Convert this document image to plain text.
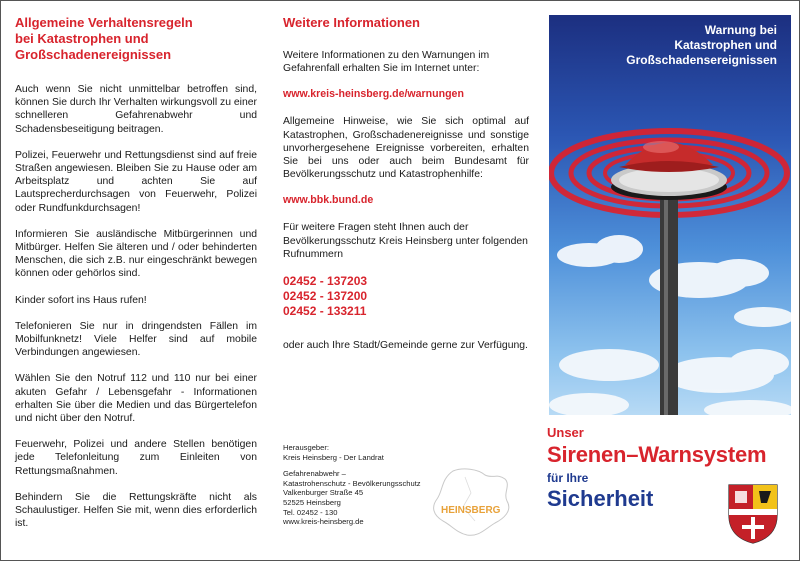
Allgemeine Verhaltensregeln
bei Katastrophen und
Großschadenereignissen

Auch wenn Sie nicht unmittelbar betroffen sind, können Sie durch Ihr Verhalten wirkungsvoll zu einer schnelleren Gefahrenabwehr und Schadensbeseitigung beitragen.

Polizei, Feuerwehr und Rettungsdienst sind auf freie Straßen angewiesen. Bleiben Sie zu Hause oder am Arbeitsplatz und achten Sie auf Lautsprecherdurchsagen von Feuerwehr, Polizei oder Rundfunkdurchsagen!

Informieren Sie ausländische Mitbürgerinnen und Mitbürger. Helfen Sie älteren und / oder behinderten Menschen, die sich z.B. nur eingeschränkt bewegen können oder gehörlos sind.

Kinder sofort ins Haus rufen!

Telefonieren Sie nur in dringendsten Fällen im Mobilfunknetz! Viele Helfer sind auf mobile Verbindungen angewiesen.

Wählen Sie den Notruf 112 und 110 nur bei einer akuten Gefahr / Lebensgefahr - Informationen erhalten Sie über die Medien und das Bürgertelefon und nicht über den Notruf.

Feuerwehr, Polizei und andere Stellen benötigen jede Telefonleitung zum Einleiten von Rettungsmaßnahmen.

Behindern Sie die Rettungskräfte nicht als Schaulustiger. Helfen Sie mit, wenn dies erforderlich ist.

Weitere Informationen

Weitere Informationen zu den Warnungen im Gefahrenfall erhalten Sie im Internet unter:

www.kreis-heinsberg.de/warnungen

Allgemeine Hinweise, wie Sie sich optimal auf Katastrophen, Großschadenereignisse und sonstige unvorhergesehene Ereignisse vorbereiten, erhalten Sie bei uns oder auch beim Bundesamt für Bevölkerungsschutz und Katastrophenhilfe:

www.bbk.bund.de

Für weitere Fragen steht Ihnen auch der Bevölkerungsschutz Kreis Heinsberg unter folgenden Rufnummern

02452 - 137203
02452 - 137200
02452 - 133211

oder auch Ihre Stadt/Gemeinde gerne zur Verfügung.

Herausgeber:
Kreis Heinsberg - Der Landrat
Gefahrenabwehr –
Katastrohenschutz - Bevölkerungsschutz
Valkenburger Straße 45
52525 Heinsberg
Tel. 02452 - 130
www.kreis-heinsberg.de
HEINSBERG
Warnung bei
Katastrophen und
Großschadensereignissen
Unser
Sirenen–Warnsystem
für Ihre
Sicherheit
